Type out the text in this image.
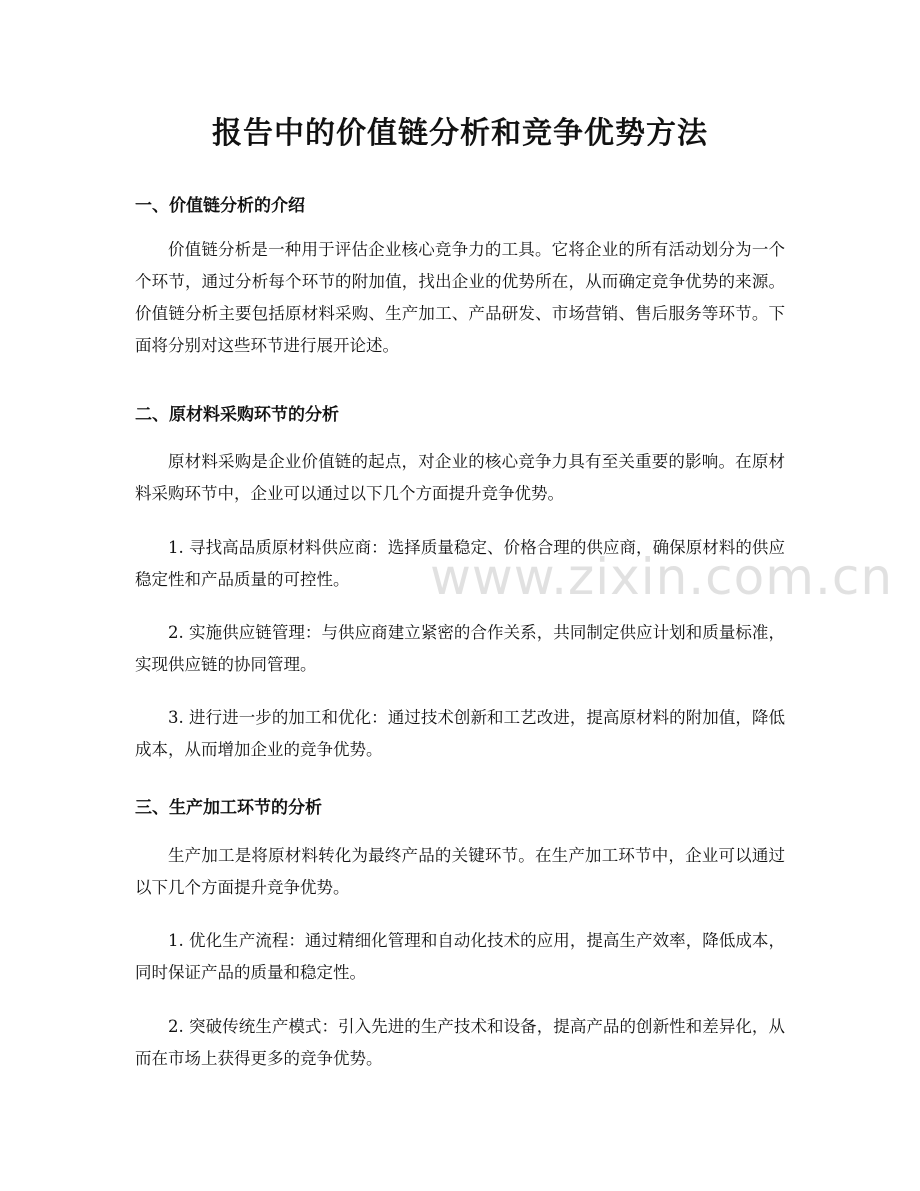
报告中的价值链分析和竞争优势方法
一、价值链分析的介绍
价值链分析是一种用于评估企业核心竞争力的工具。它将企业的所有活动划分为一个个环节，通过分析每个环节的附加值，找出企业的优势所在，从而确定竞争优势的来源。价值链分析主要包括原材料采购、生产加工、产品研发、市场营销、售后服务等环节。下面将分别对这些环节进行展开论述。
二、原材料采购环节的分析
原材料采购是企业价值链的起点，对企业的核心竞争力具有至关重要的影响。在原材料采购环节中，企业可以通过以下几个方面提升竞争优势。
1. 寻找高品质原材料供应商：选择质量稳定、价格合理的供应商，确保原材料的供应稳定性和产品质量的可控性。
2. 实施供应链管理：与供应商建立紧密的合作关系，共同制定供应计划和质量标准，实现供应链的协同管理。
3. 进行进一步的加工和优化：通过技术创新和工艺改进，提高原材料的附加值，降低成本，从而增加企业的竞争优势。
三、生产加工环节的分析
生产加工是将原材料转化为最终产品的关键环节。在生产加工环节中，企业可以通过以下几个方面提升竞争优势。
1. 优化生产流程：通过精细化管理和自动化技术的应用，提高生产效率，降低成本，同时保证产品的质量和稳定性。
2. 突破传统生产模式：引入先进的生产技术和设备，提高产品的创新性和差异化，从而在市场上获得更多的竞争优势。
www.zixin.com.cn
